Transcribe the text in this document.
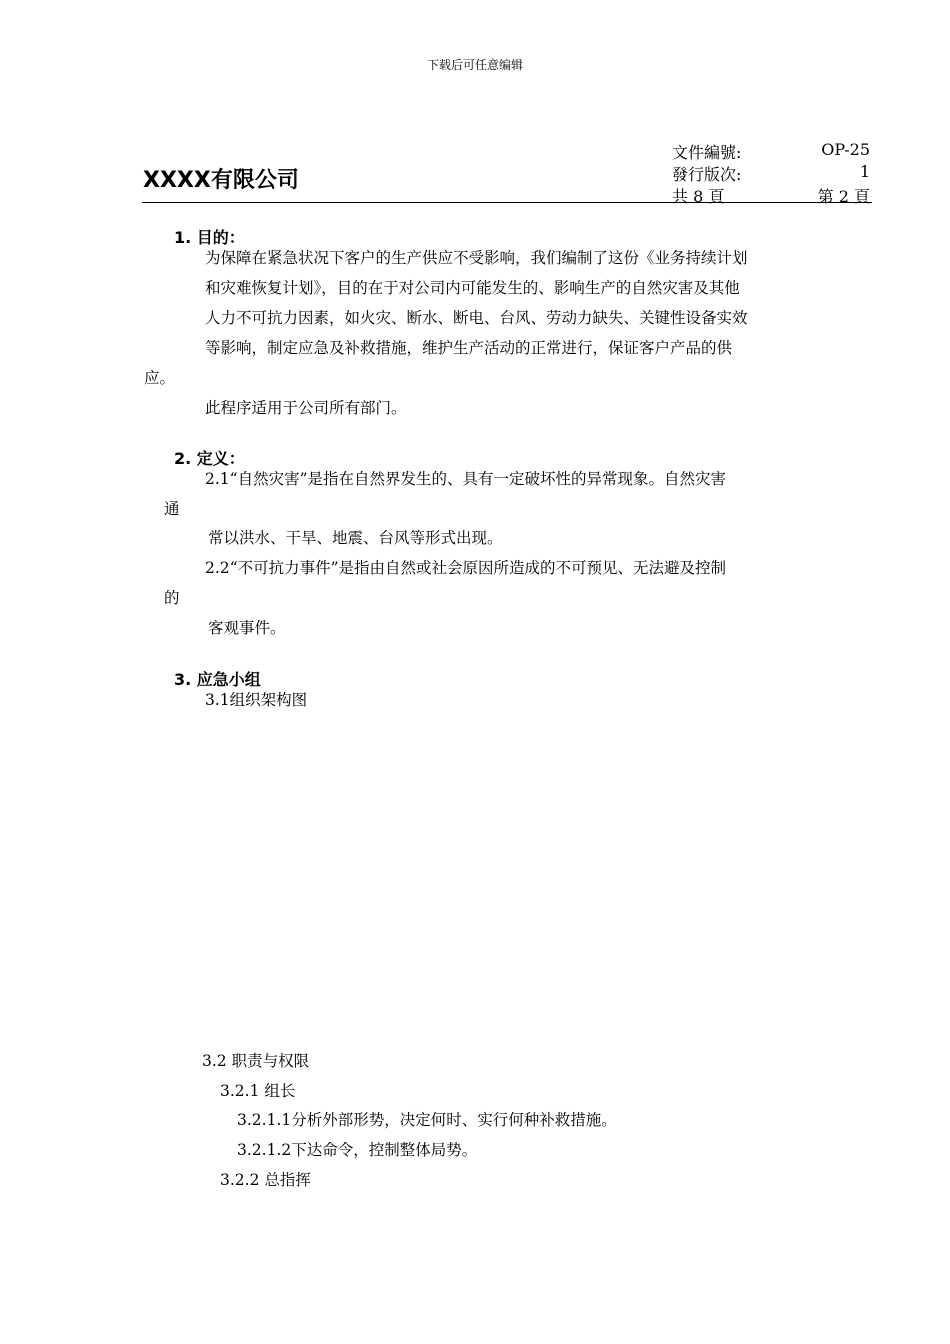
下载后可任意编辑
XXXX有限公司
文件編號:	OP-25
發行版次:	1
共 8 頁	第 2 頁
1. 目的：
为保障在紧急状况下客户的生产供应不受影响，我们编制了这份《业务持续计划
和灾难恢复计划》，目的在于对公司内可能发生的、影响生产的自然灾害及其他
人力不可抗力因素，如火灾、断水、断电、台风、劳动力缺失、关键性设备实效
等影响，制定应急及补救措施，维护生产活动的正常进行，保证客户产品的供
应。
此程序适用于公司所有部门。
2. 定义：
2.1“自然灾害”是指在自然界发生的、具有一定破坏性的异常现象。自然灾害
通
常以洪水、干旱、地震、台风等形式出现。
2.2“不可抗力事件”是指由自然或社会原因所造成的不可预见、无法避及控制
的
客观事件。
3. 应急小组
3.1组织架构图
3.2 职责与权限
3.2.1 组长
3.2.1.1分析外部形势，决定何时、实行何种补救措施。
3.2.1.2下达命令，控制整体局势。
3.2.2 总指挥
